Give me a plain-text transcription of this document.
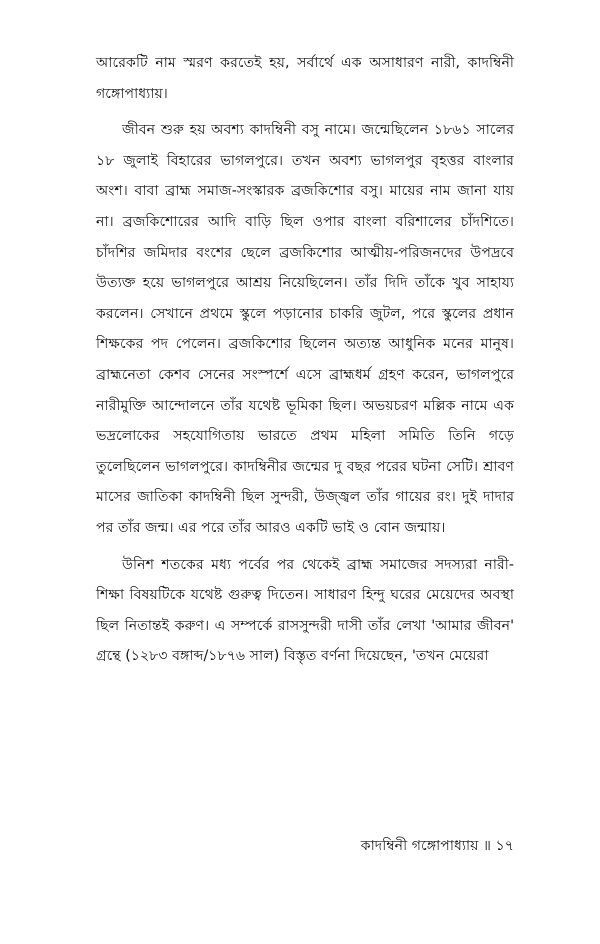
আরেকটি নাম স্মরণ করতেই হয়, সর্বার্থে এক অসাধারণ নারী, কাদম্বিনী গঙ্গোপাধ্যায়।

জীবন শুরু হয় অবশ্য কাদম্বিনী বসু নামে। জন্মেছিলেন ১৮৬১ সালের ১৮ জুলাই বিহারের ভাগলপুরে। তখন অবশ্য ভাগলপুর বৃহত্তর বাংলার অংশ। বাবা ব্রাহ্ম সমাজ-সংস্কারক ব্রজকিশোর বসু। মায়ের নাম জানা যায় না। ব্রজকিশোরের আদি বাড়ি ছিল ওপার বাংলা বরিশালের চাঁদশিতে। চাঁদশির জমিদার বংশের ছেলে ব্রজকিশোর আত্মীয়-পরিজনদের উপদ্রবে উত্যক্ত হয়ে ভাগলপুরে আশ্রয় নিয়েছিলেন। তাঁর দিদি তাঁকে খুব সাহায্য করলেন। সেখানে প্রথমে স্কুলে পড়ানোর চাকরি জুটল, পরে স্কুলের প্রধান শিক্ষকের পদ পেলেন। ব্রজকিশোর ছিলেন অত্যন্ত আধুনিক মনের মানুষ। ব্রাহ্মনেতা কেশব সেনের সংস্পর্শে এসে ব্রাহ্মধর্ম গ্রহণ করেন, ভাগলপুরে নারীমুক্তি আন্দোলনে তাঁর যথেষ্ট ভূমিকা ছিল। অভয়চরণ মল্লিক নামে এক ভদ্রলোকের সহযোগিতায় ভারতে প্রথম মহিলা সমিতি তিনি গড়ে তুলেছিলেন ভাগলপুরে। কাদম্বিনীর জন্মের দু বছর পরের ঘটনা সেটি। শ্রাবণ মাসের জাতিকা কাদম্বিনী ছিল সুন্দরী, উজ্জ্বল তাঁর গায়ের রং। দুই দাদার পর তাঁর জন্ম। এর পরে তাঁর আরও একটি ভাই ও বোন জন্মায়।

উনিশ শতকের মধ্য পর্বের পর থেকেই ব্রাহ্ম সমাজের সদস্যরা নারী-শিক্ষা বিষয়টিকে যথেষ্ট গুরুত্ব দিতেন। সাধারণ হিন্দু ঘরের মেয়েদের অবস্থা ছিল নিতান্তই করুণ। এ সম্পর্কে রাসসুন্দরী দাসী তাঁর লেখা 'আমার জীবন' গ্রন্থে (১২৮৩ বঙ্গাব্দ/১৮৭৬ সাল) বিস্তৃত বর্ণনা দিয়েছেন, 'তখন মেয়েরা

কাদম্বিনী গঙ্গোপাধ্যায় ॥ ১৭
